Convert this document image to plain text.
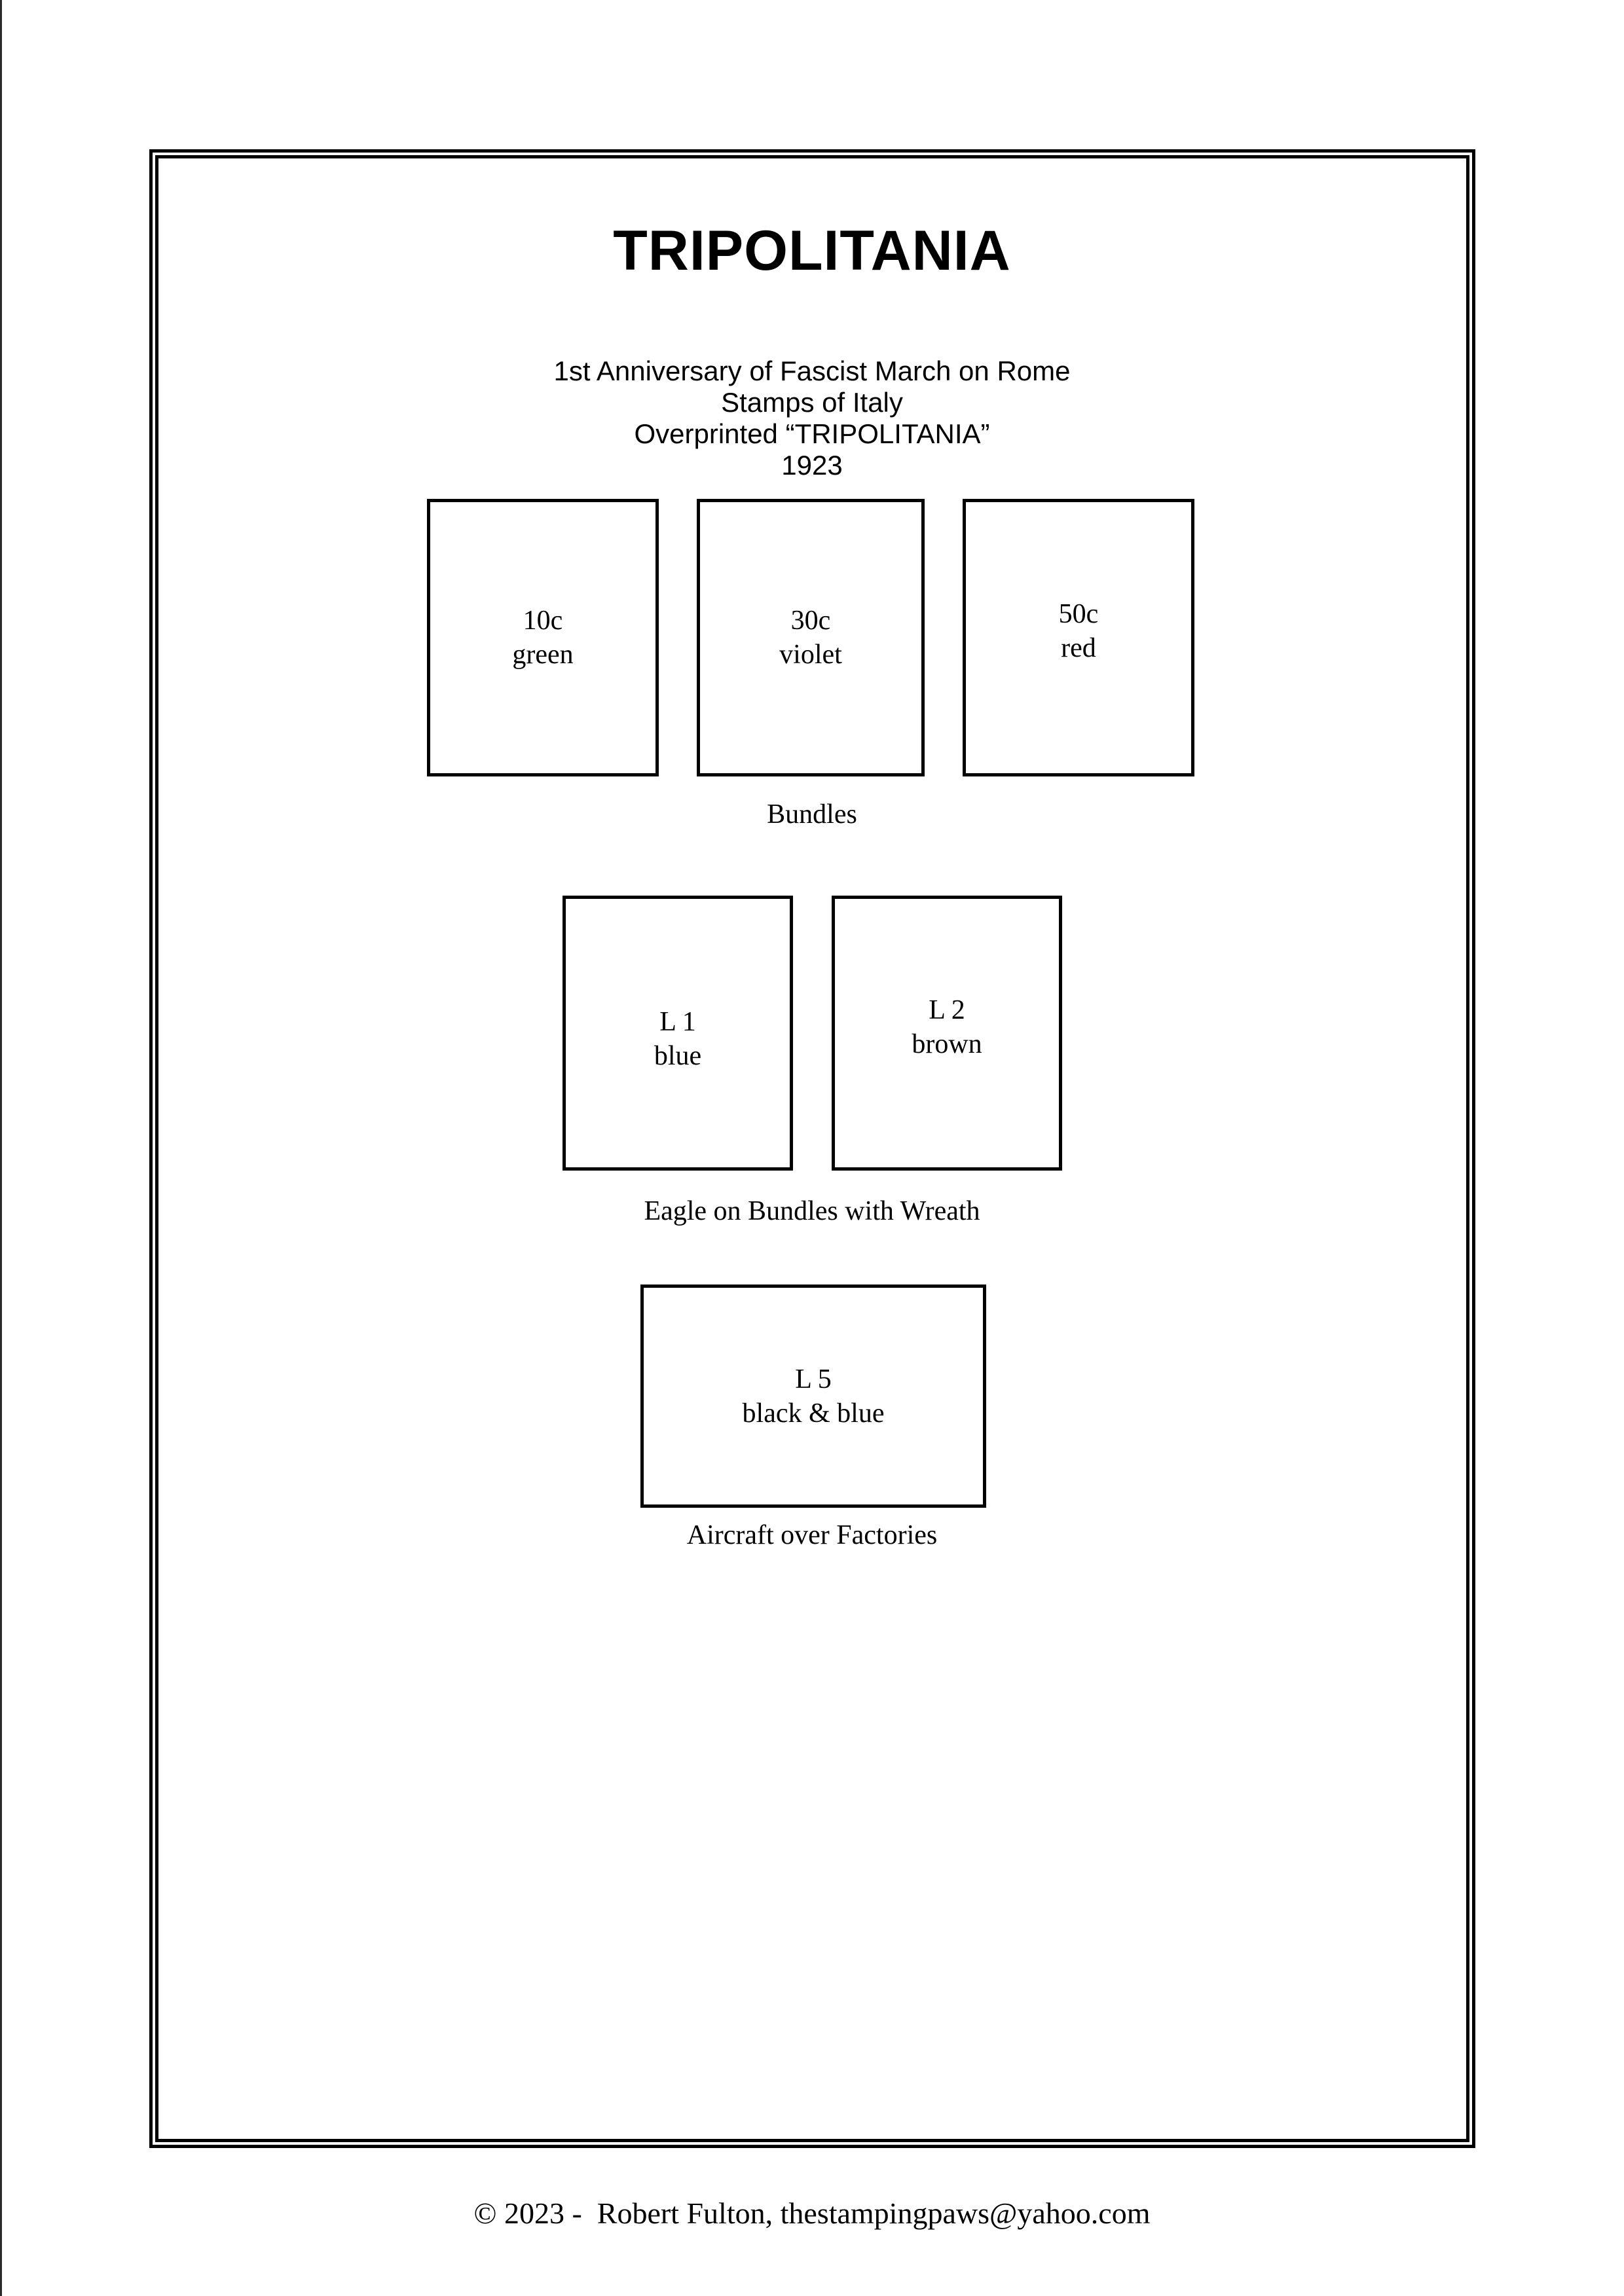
TRIPOLITANIA
1st Anniversary of Fascist March on Rome
Stamps of Italy
Overprinted “TRIPOLITANIA”
1923
10c
green
30c
violet
50c
red
Bundles
L 1
blue
L 2
brown
Eagle on Bundles with Wreath
L 5
black & blue
Aircraft over Factories
© 2023 -  Robert Fulton, thestampingpaws@yahoo.com
